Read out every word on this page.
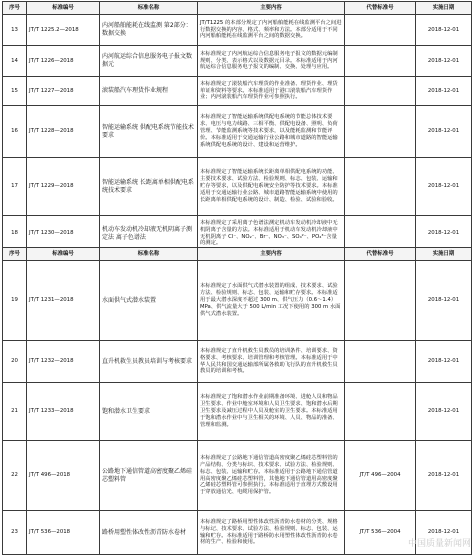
序号	标准编号	标准名称	主要内容	代替标准号	实施日期
13	JT/T 1225.2—2018	内河船舶能耗在线监测 第2部分：数据交换	JT/T1225 的本部分规定了内河船舶能耗在线监测平台之间进行数据交换的内容、格式、频率和方法。本部分适用于不同内河船舶能耗在线监测平台之间的数据交换。		2018-12-01
14	JT/T 1226—2018	内河航运综合信息服务电子报文数据元	本标准规定了内河航运综合信息服务电子报文的数据元编制规则、分类、表示格式以及数据元目录。本标准适用于内河航运综合信息服务电子报文的编制、交换、处理与应用。		2018-12-01
15	JT/T 1227—2018	滚装船汽车理货作业规程	本标准规定了滚装船汽车理货的作业准备、理货作业、理货单证和资料等要求。本标准适用于港口滚装船汽车理货作业；内河滚装船汽车理货作业可参照执行。		2018-12-01
16	JT/T 1228—2018	智能运输系统 供配电系统节能技术要求	本标准规定了智能运输系统供配电系统的节能总体技术要求、电压与电力线路、三相平衡、供配电设备、照明、负荷管理、节能监测系统等技术要求，以及能耗监测和节能评价。本标准适用于交通运输行业公路和城市道路的智能运输系统供配电系统的设计、建设和运营维护。		2018-12-01
17	JT/T 1229—2018	智能运输系统 长距离单相供配电系统技术要求	本标准规定了智能运输系统长距离单相供配电系统的功能、主要技术要求、试验方法、检验规则、标志、包装、运输和贮存等要求，以及供配电系统安全防护等技术要求。本标准适用于交通运输行业公路、城市道路智能运输系统中使用的长距离单相供配电系统的设计、制造、检验、试验和验收。		2018-12-01
18	JT/T 1230—2018	机动车发动机冷却液无机阴离子测定法 离子色谱法	本标准规定了采用离子色谱法测定机动车发动机冷却液中无机阴离子含量的方法。本标准适用于机动车发动机冷却液中无机阴离子 Cl⁻、NO₂⁻、Br⁻、NO₃⁻、SO₄²⁻、PO₄³⁻含量的测定。		2018-12-01
序号	标准编号	标准名称	主要内容	代替标准号	实施日期
19	JT/T 1231—2018	水面供气式潜水装置	本标准规定了水面供气式潜水装置的组成、技术要求、试验方法、检验规则、标志、包装、运输和贮存要求。本标准适用于最大潜水深度不超过 300 m、供气压力（0.6～1.4）MPa、供气流量大于 500 L/min 工况下使用的 300 m 水面供气式潜水装置。		2018-12-01
20	JT/T 1232—2018	直升机救生员教员培训与考核要求	本标准规定了直升机救生员教员的培训条件、培训要求、资格要求、考核要求、培训管理和考核管理。本标准适用于中华人民共和国交通运输部所属各救助飞行队的直升机救生员教员的培训和考核。		2018-12-01
21	JT/T 1233—2018	饱和潜水卫生要求	本标准规定了饱和潜水作业前期准备环境、进舱人员和物品卫生要求、作业中舱室环境和人员卫生要求、饱和潜水后期卫生要求及减压过程中人员及舱室的卫生要求。本标准适用于饱和潜水作业中与卫生相关的环境、人员、物品的准备、管理和监测。		2018-12-01
22	JT/T 496—2018	公路地下通信管道高密度聚乙烯硅芯塑料管	本标准规定了公路地下通信管道高密度聚乙烯硅芯塑料管的产品结构、分类与标识、技术要求、试验方法、检验规则、标志、包装、运输和贮存。本标准适用于公路地下通信管道用高密度聚乙烯硅芯塑料管，其他地下通信管道用高密度聚乙烯硅芯塑料管可参照执行。本标准适用于直埋方式敷设用于穿放通信光、电缆用保护管。	JT/T 496—2004	2018-12-01
23	JT/T 536—2018	路桥用塑性体改性沥青防水卷材	本标准规定了路桥用塑性体改性沥青防水卷材的分类、规格与标记、技术要求、试验方法、检验规则、标志、包装、运输和贮存。本标准适用于路桥防水用塑性体改性沥青防水卷材的生产、检验和使用。	JT/T 536—2004	2018-12-01
中国质量新闻网
